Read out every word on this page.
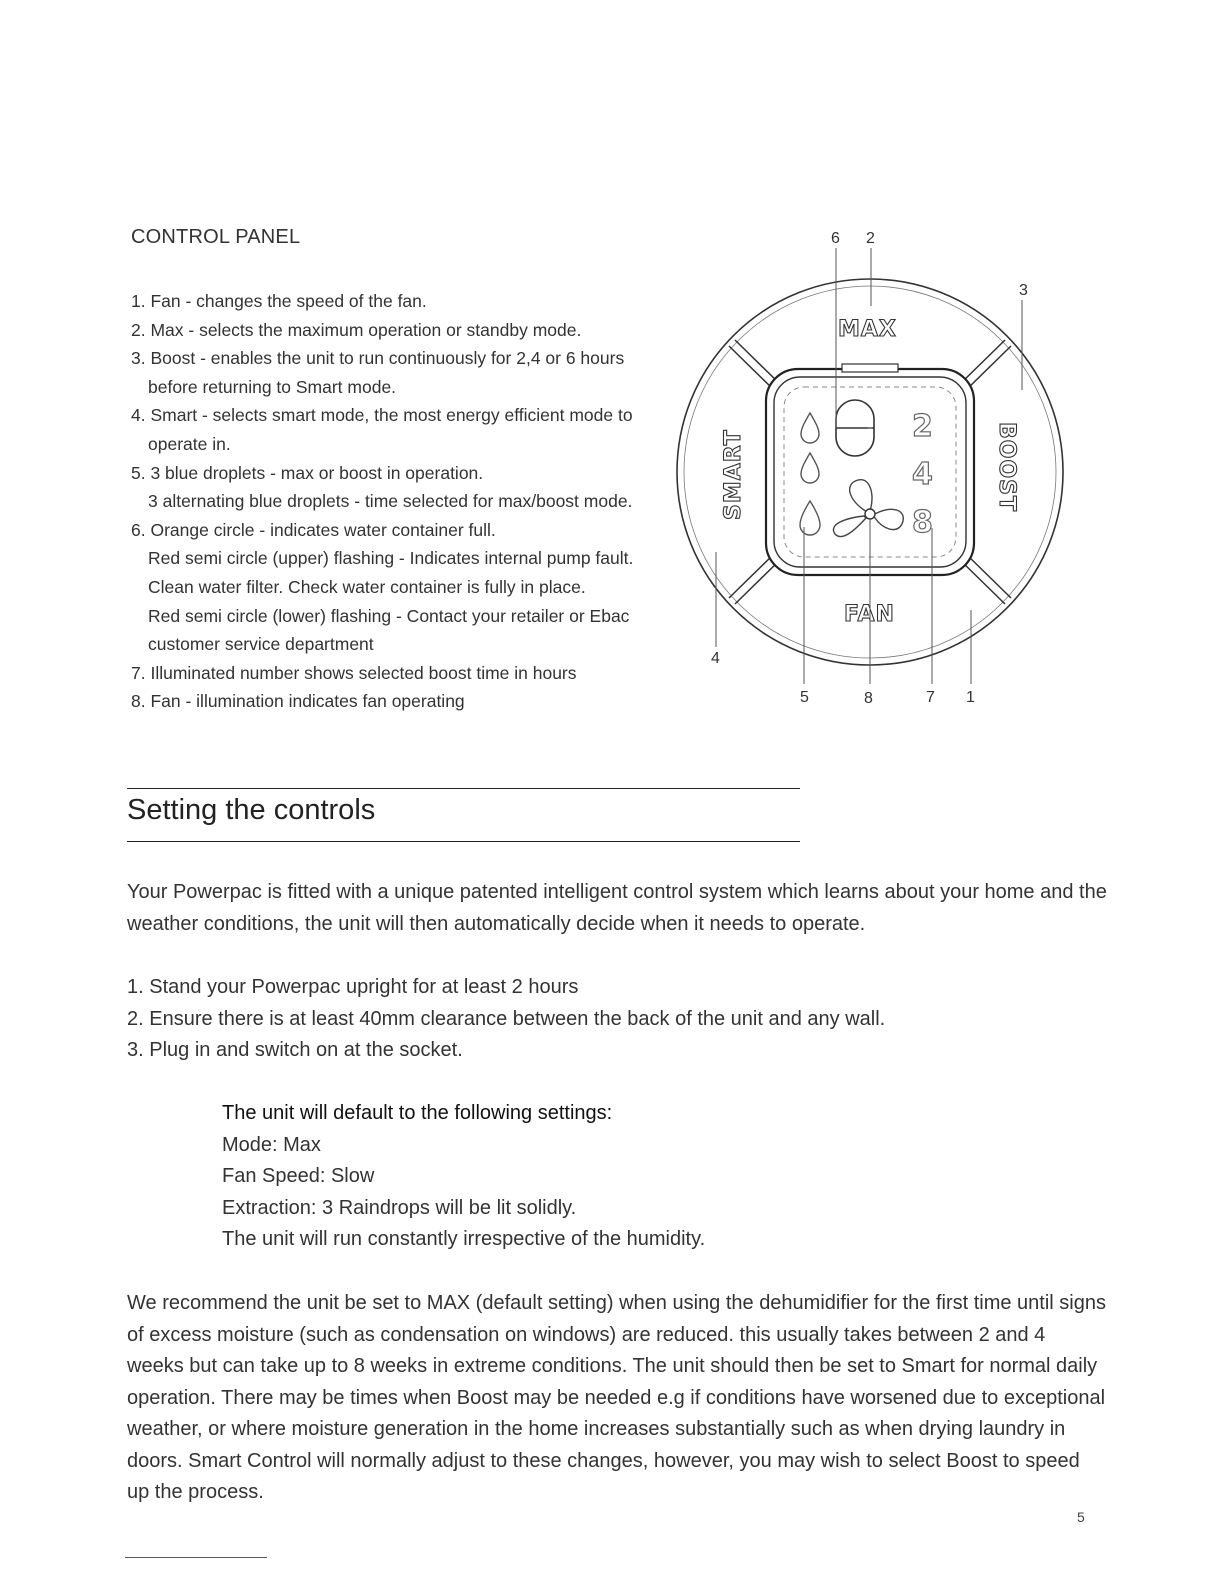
CONTROL PANEL
1. Fan - changes the speed of the fan.
2. Max - selects the maximum operation or standby mode.
3. Boost - enables the unit to run continuously for 2,4 or 6 hours
before returning to Smart mode.
4. Smart - selects smart mode, the most energy efficient mode to
operate in.
5. 3 blue droplets - max or boost in operation.
3 alternating blue droplets - time selected for max/boost mode.
6. Orange circle - indicates water container full.
Red semi circle (upper) flashing - Indicates internal pump fault.
Clean water filter. Check water container is fully in place.
Red semi circle (lower) flashing - Contact your retailer or Ebac
customer service department
7. Illuminated number shows selected boost time in hours
8. Fan - illumination indicates fan operating
2
4
8
MAX
FAN
SMART	BOOST
6 2
3
4
5	8	7 1
Setting the controls
Your Powerpac is fitted with a unique patented intelligent control system which learns about your home and the weather conditions, the unit will then automatically decide when it needs to operate.
1. Stand your Powerpac upright for at least 2 hours
2. Ensure there is at least 40mm clearance between the back of the unit and any wall.
3. Plug in and switch on at the socket.
The unit will default to the following settings:
Mode: Max
Fan Speed: Slow
Extraction: 3 Raindrops will be lit solidly.
The unit will run constantly irrespective of the humidity.
We recommend the unit be set to MAX (default setting) when using the dehumidifier for the first time until signs of excess moisture (such as condensation on windows) are reduced. this usually takes between 2 and 4 weeks but can take up to 8 weeks in extreme conditions. The unit should then be set to Smart for normal daily operation. There may be times when Boost may be needed e.g if conditions have worsened due to exceptional weather, or where moisture generation in the home increases substantially such as when drying laundry in doors. Smart Control will normally adjust to these changes, however, you may wish to select Boost to speed up the process.
5
